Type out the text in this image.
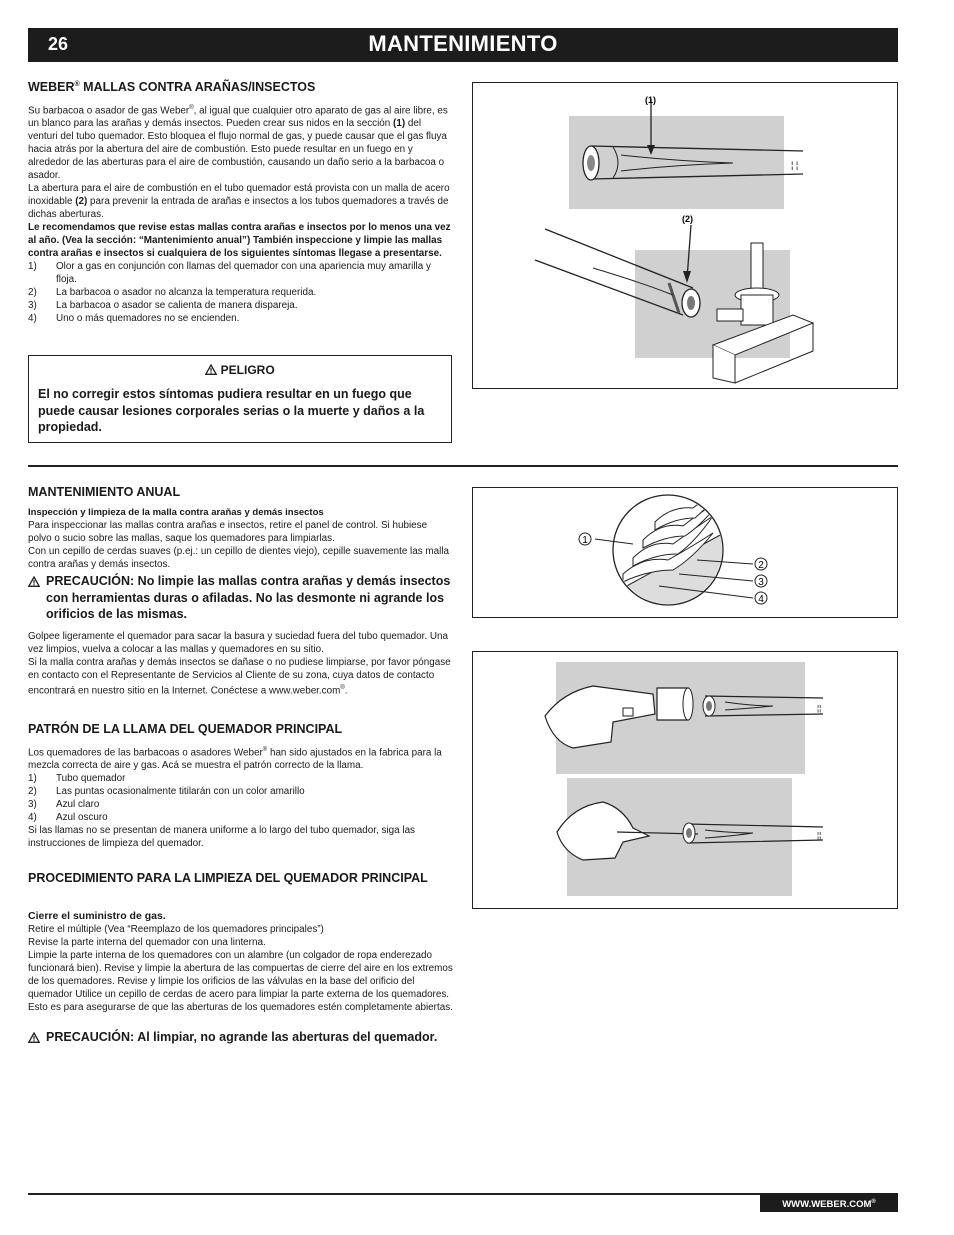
26	MANTENIMIENTO
WEBER® MALLAS CONTRA ARAÑAS/INSECTOS

Su barbacoa o asador de gas Weber®, al igual que cualquier otro aparato de gas al aire libre, es un blanco para las arañas y demás insectos. Pueden crear sus nidos en la sección (1) del venturi del tubo quemador. Esto bloquea el flujo normal de gas, y puede causar que el gas fluya hacia atrás por la abertura del aire de combustión. Esto puede resultar en un fuego en y alrededor de las aberturas para el aire de combustión, causando un daño serio a la barbacoa o asador.

La abertura para el aire de combustión en el tubo quemador está provista con un malla de acero inoxidable (2) para prevenir la entrada de arañas e insectos a los tubos quemadores a través de dichas aberturas.

Le recomendamos que revise estas mallas contra arañas e insectos por lo menos una vez al año. (Vea la sección: “Mantenimiento anual”) También inspeccione y limpie las mallas contra arañas e insectos si cualquiera de los siguientes síntomas llegase a presentarse.

1) Olor a gas en conjunción con llamas del quemador con una apariencia muy amarilla y floja.
2) La barbacoa o asador no alcanza la temperatura requerida.
3) La barbacoa o asador se calienta de manera dispareja.
4) Uno o más quemadores no se encienden.
PELIGRO
El no corregir estos síntomas pudiera resultar en un fuego que puede causar lesiones corporales serias o la muerte y daños a la propiedad.
¦ ¦
(1)
(2)
MANTENIMIENTO ANUAL

Inspección y limpieza de la malla contra arañas y demás insectos

Para inspeccionar las mallas contra arañas e insectos, retire el panel de control. Si hubiese polvo o sucio sobre las mallas, saque los quemadores para limpiarlas.

Con un cepillo de cerdas suaves (p.ej.: un cepillo de dientes viejo), cepille suavemente las malla contra arañas y demás insectos.

PRECAUCIÓN: No limpie las mallas contra arañas y demás insectos con herramientas duras o afiladas. No las desmonte ni agrande los orificios de las mismas.

Golpee ligeramente el quemador para sacar la basura y suciedad fuera del tubo quemador. Una vez limpios, vuelva a colocar a las mallas y quemadores en su sitio.

Si la malla contra arañas y demás insectos se dañase o no pudiese limpiarse, por favor póngase en contacto con el Representante de Servicios al Cliente de su zona, cuya datos de contacto encontrará en nuestro sitio en la Internet. Conéctese a www.weber.com®.

1
2
3
4
¦¦
¦¦
PATRÓN DE LA LLAMA DEL QUEMADOR PRINCIPAL

Los quemadores de las barbacoas o asadores Weber® han sido ajustados en la fabrica para la mezcla correcta de aire y gas. Acá se muestra el patrón correcto de la llama.

1) Tubo quemador
2) Las puntas ocasionalmente titilarán con un color amarillo
3) Azul claro
4) Azul oscuro

Si las llamas no se presentan de manera uniforme a lo largo del tubo quemador, siga las instrucciones de limpieza del quemador.

PROCEDIMIENTO PARA LA LIMPIEZA DEL QUEMADOR PRINCIPAL

Cierre el suministro de gas.

Retire el múltiple (Vea “Reemplazo de los quemadores principales”)

Revise la parte interna del quemador con una linterna.

Limpie la parte interna de los quemadores con un alambre (un colgador de ropa enderezado funcionará bien). Revise y limpie la abertura de las compuertas de cierre del aire en los extremos de los quemadores. Revise y limpie los orificios de las válvulas en la base del orificio del quemador Utilice un cepillo de cerdas de acero para limpiar la parte externa de los quemadores. Esto es para asegurarse de que las aberturas de los quemadores estén completamente abiertas.

PRECAUCIÓN: Al limpiar, no agrande las aberturas del quemador.
WWW.WEBER.COM®
